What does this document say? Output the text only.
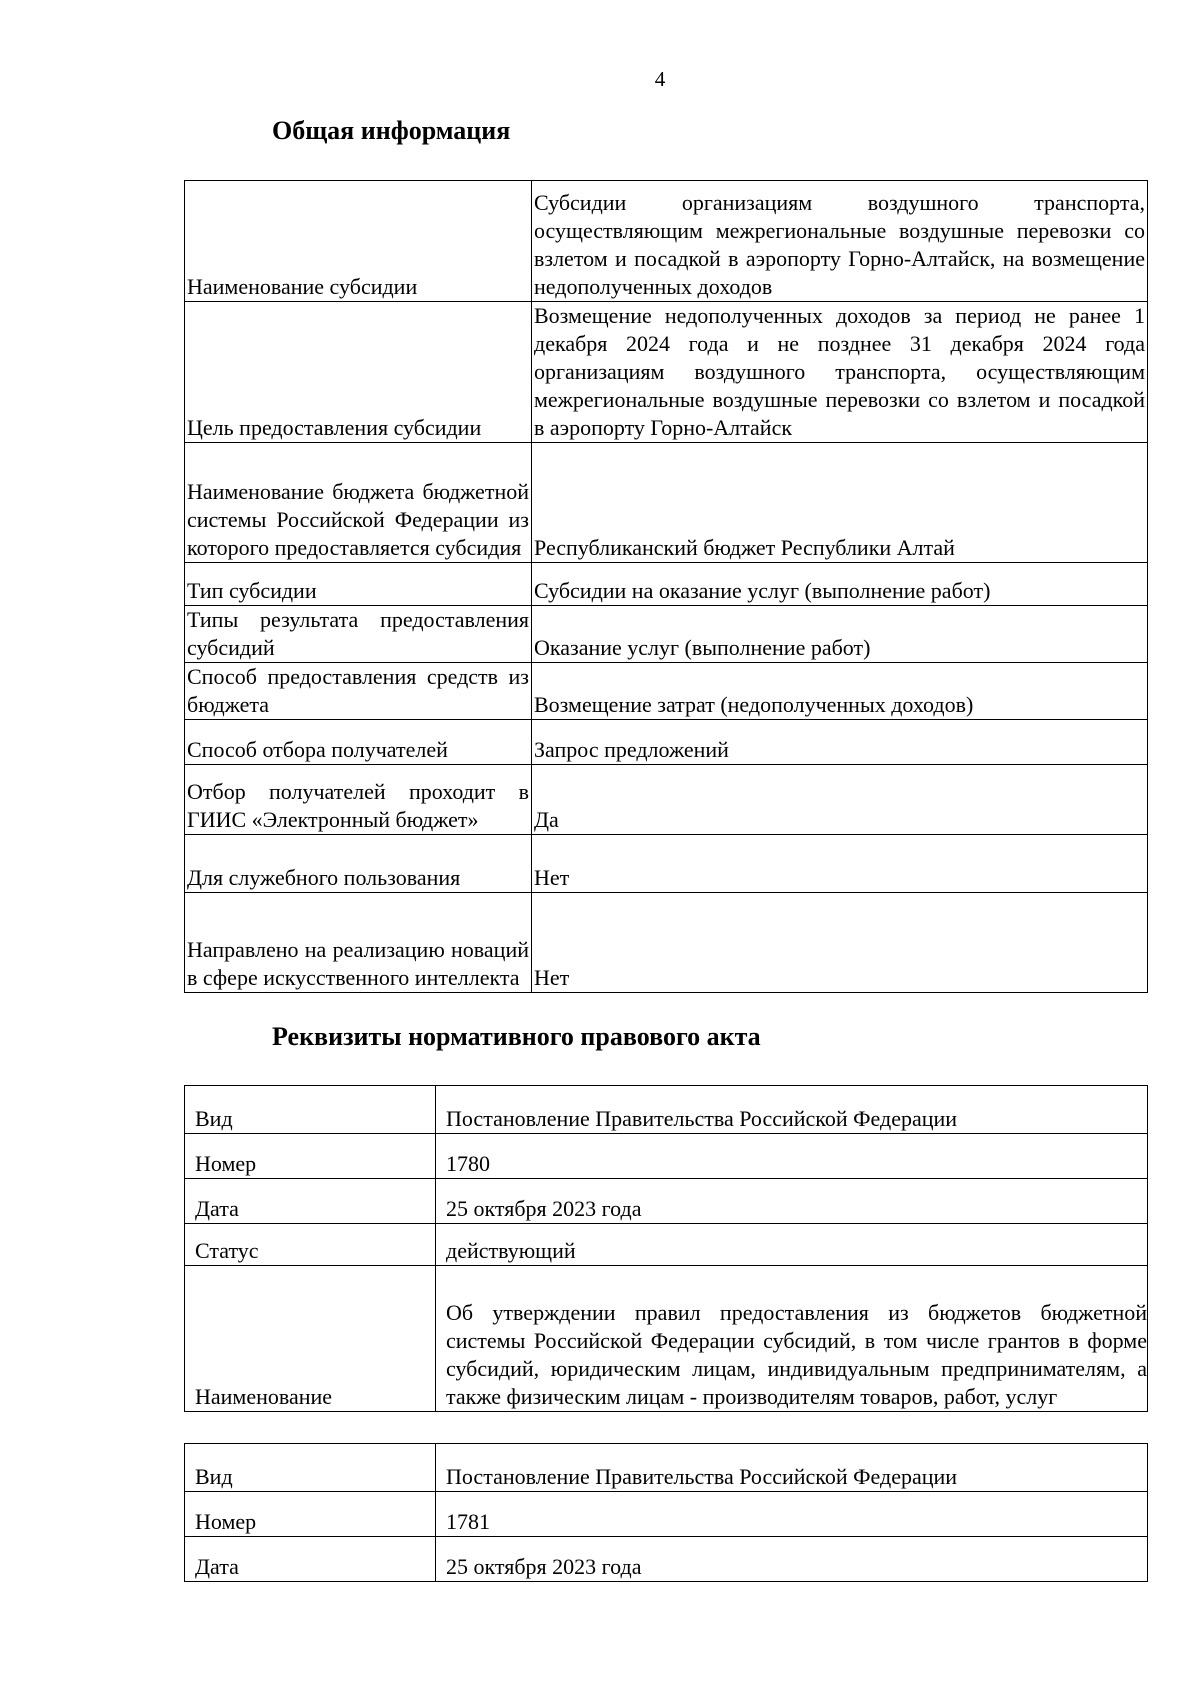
4
Общая информация
Наименование субсидии	Субсидии организациям воздушного транспорта, осуществляющим межрегиональные воздушные перевозки со взлетом и посадкой в аэропорту Горно-Алтайск, на возмещение недополученных доходов
Цель предоставления субсидии	Возмещение недополученных доходов за период не ранее 1 декабря 2024 года и не позднее 31 декабря 2024 года организациям воздушного транспорта, осуществляющим межрегиональные воздушные перевозки со взлетом и посадкой в аэропорту Горно-Алтайск
Наименование бюджета бюджетной системы Российской Федерации из которого предоставляется субсидия	Республиканский бюджет Республики Алтай
Тип субсидии	Субсидии на оказание услуг (выполнение работ)
Типы результата предоставления субсидий	Оказание услуг (выполнение работ)
Способ предоставления средств из бюджета	Возмещение затрат (недополученных доходов)
Способ отбора получателей	Запрос предложений
Отбор получателей проходит в ГИИС «Электронный бюджет»	Да
Для служебного пользования	Нет
Направлено на реализацию новаций в сфере искусственного интеллекта	Нет
Реквизиты нормативного правового акта
Вид	Постановление Правительства Российской Федерации
Номер	1780
Дата	25 октября 2023 года
Статус	действующий
Наименование	Об утверждении правил предоставления из бюджетов бюджетной системы Российской Федерации субсидий, в том числе грантов в форме субсидий, юридическим лицам, индивидуальным предпринимателям, а также физическим лицам - производителям товаров, работ, услуг
Вид	Постановление Правительства Российской Федерации
Номер	1781
Дата	25 октября 2023 года
